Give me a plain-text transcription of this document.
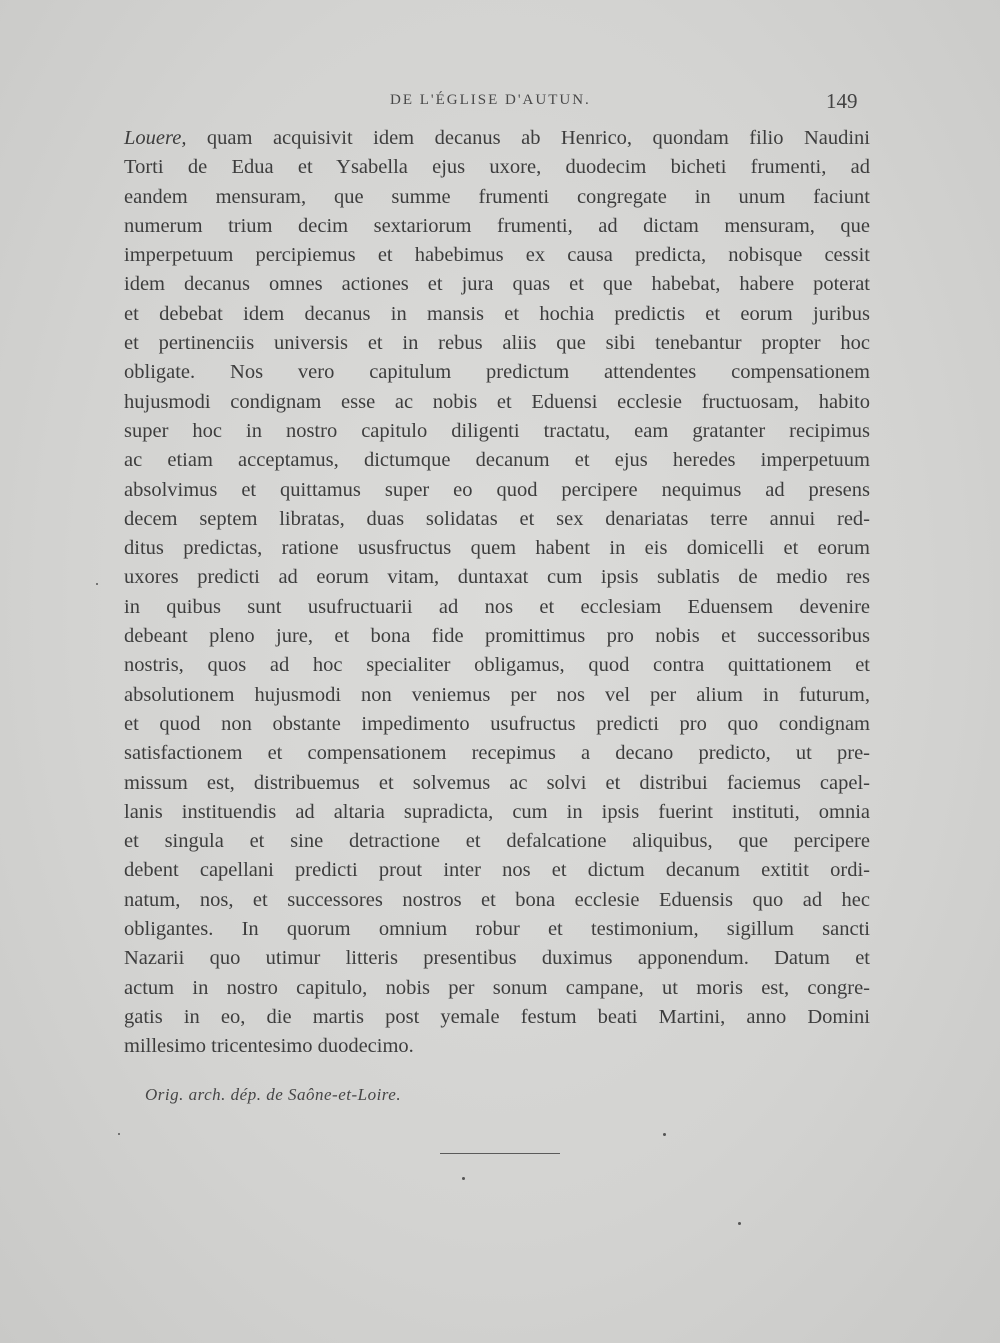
DE L'ÉGLISE D'AUTUN.	149
Louere, quam acquisivit idem decanus ab Henrico, quondam filio Naudini
Torti de Edua et Ysabella ejus uxore, duodecim bicheti frumenti, ad
eandem mensuram, que summe frumenti congregate in unum faciunt
numerum trium decim sextariorum frumenti, ad dictam mensuram, que
imperpetuum percipiemus et habebimus ex causa predicta, nobisque cessit
idem decanus omnes actiones et jura quas et que habebat, habere poterat
et debebat idem decanus in mansis et hochia predictis et eorum juribus
et pertinenciis universis et in rebus aliis que sibi tenebantur propter hoc
obligate. Nos vero capitulum predictum attendentes compensationem
hujusmodi condignam esse ac nobis et Eduensi ecclesie fructuosam, habito
super hoc in nostro capitulo diligenti tractatu, eam gratanter recipimus
ac etiam acceptamus, dictumque decanum et ejus heredes imperpetuum
absolvimus et quittamus super eo quod percipere nequimus ad presens
decem septem libratas, duas solidatas et sex denariatas terre annui red-
ditus predictas, ratione ususfructus quem habent in eis domicelli et eorum
uxores predicti ad eorum vitam, duntaxat cum ipsis sublatis de medio res
in quibus sunt usufructuarii ad nos et ecclesiam Eduensem devenire
debeant pleno jure, et bona fide promittimus pro nobis et successoribus
nostris, quos ad hoc specialiter obligamus, quod contra quittationem et
absolutionem hujusmodi non veniemus per nos vel per alium in futurum,
et quod non obstante impedimento usufructus predicti pro quo condignam
satisfactionem et compensationem recepimus a decano predicto, ut pre-
missum est, distribuemus et solvemus ac solvi et distribui faciemus capel-
lanis instituendis ad altaria supradicta, cum in ipsis fuerint instituti, omnia
et singula et sine detractione et defalcatione aliquibus, que percipere
debent capellani predicti prout inter nos et dictum decanum extitit ordi-
natum, nos, et successores nostros et bona ecclesie Eduensis quo ad hec
obligantes. In quorum omnium robur et testimonium, sigillum sancti
Nazarii quo utimur litteris presentibus duximus apponendum. Datum et
actum in nostro capitulo, nobis per sonum campane, ut moris est, congre-
gatis in eo, die martis post yemale festum beati Martini, anno Domini
millesimo tricentesimo duodecimo.
Orig. arch. dép. de Saône-et-Loire.
